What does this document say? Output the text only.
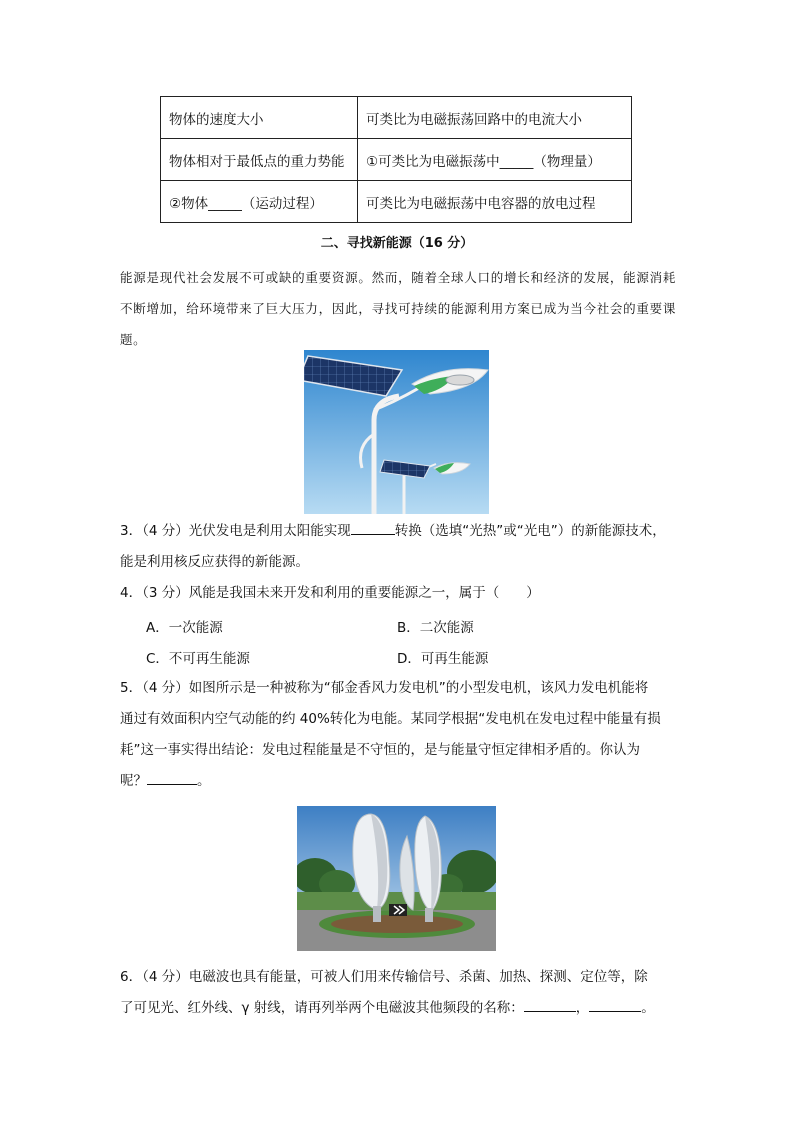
物体的速度大小	可类比为电磁振荡回路中的电流大小
物体相对于最低点的重力势能	①可类比为电磁振荡中_____（物理量）
②物体_____（运动过程）	可类比为电磁振荡中电容器的放电过程
二、寻找新能源（16 分）
能源是现代社会发展不可或缺的重要资源。然而，随着全球人口的增长和经济的发展，能源消耗不断增加，给环境带来了巨大压力，因此，寻找可持续的能源利用方案已成为当今社会的重要课题。

3．（4 分）光伏发电是利用太阳能实现	转换（选填“光热”或“光电”）的新能源技术，

能是利用核反应获得的新能源。

4．（3 分）风能是我国未来开发和利用的重要能源之一，属于（　　）
A．一次能源	B．二次能源
C．不可再生能源	D．可再生能源

5．（4 分）如图所示是一种被称为“郁金香风力发电机”的小型发电机，该风力发电机能将

通过有效面积内空气动能的约 40%转化为电能。某同学根据“发电机在发电过程中能量有损

耗”这一事实得出结论：发电过程能量是不守恒的，是与能量守恒定律相矛盾的。你认为

呢？	。

6．（4 分）电磁波也具有能量，可被人们用来传输信号、杀菌、加热、探测、定位等，除

了可见光、红外线、γ 射线，请再列举两个电磁波其他频段的名称：	，	。
